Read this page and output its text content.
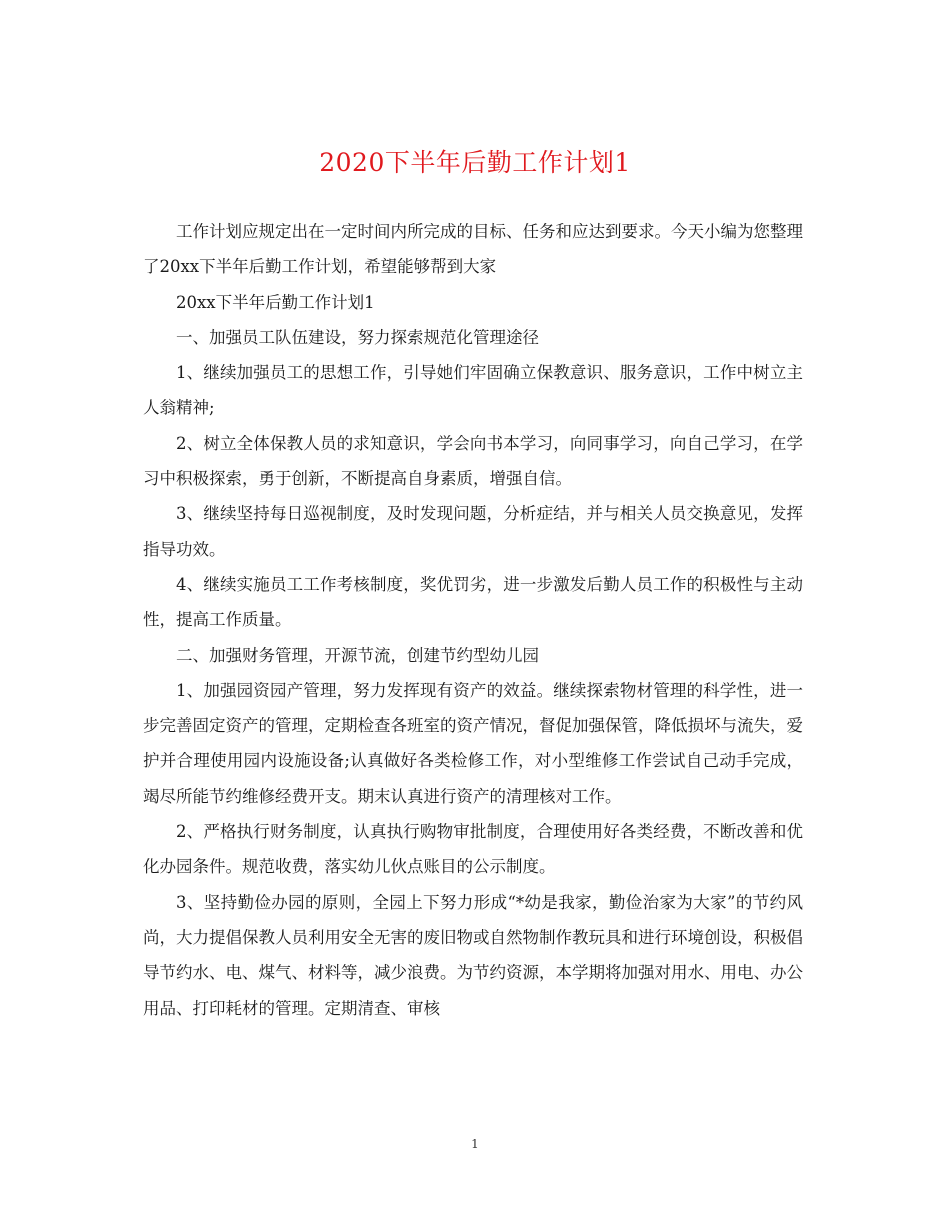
2020下半年后勤工作计划1

工作计划应规定出在一定时间内所完成的目标、任务和应达到要求。今天小编为您整理了20xx下半年后勤工作计划，希望能够帮到大家

20xx下半年后勤工作计划1

一、加强员工队伍建设，努力探索规范化管理途径

1、继续加强员工的思想工作，引导她们牢固确立保教意识、服务意识，工作中树立主人翁精神;

2、树立全体保教人员的求知意识，学会向书本学习，向同事学习，向自己学习，在学习中积极探索，勇于创新，不断提高自身素质，增强自信。

3、继续坚持每日巡视制度，及时发现问题，分析症结，并与相关人员交换意见，发挥指导功效。

4、继续实施员工工作考核制度，奖优罚劣，进一步激发后勤人员工作的积极性与主动性，提高工作质量。

二、加强财务管理，开源节流，创建节约型幼儿园

1、加强园资园产管理，努力发挥现有资产的效益。继续探索物材管理的科学性，进一步完善固定资产的管理，定期检查各班室的资产情况，督促加强保管，降低损坏与流失，爱护并合理使用园内设施设备;认真做好各类检修工作，对小型维修工作尝试自己动手完成，竭尽所能节约维修经费开支。期末认真进行资产的清理核对工作。

2、严格执行财务制度，认真执行购物审批制度，合理使用好各类经费，不断改善和优化办园条件。规范收费，落实幼儿伙点账目的公示制度。

3、坚持勤俭办园的原则，全园上下努力形成“*幼是我家，勤俭治家为大家”的节约风尚，大力提倡保教人员利用安全无害的废旧物或自然物制作教玩具和进行环境创设，积极倡导节约水、电、煤气、材料等，减少浪费。为节约资源，本学期将加强对用水、用电、办公用品、打印耗材的管理。定期清查、审核

1
